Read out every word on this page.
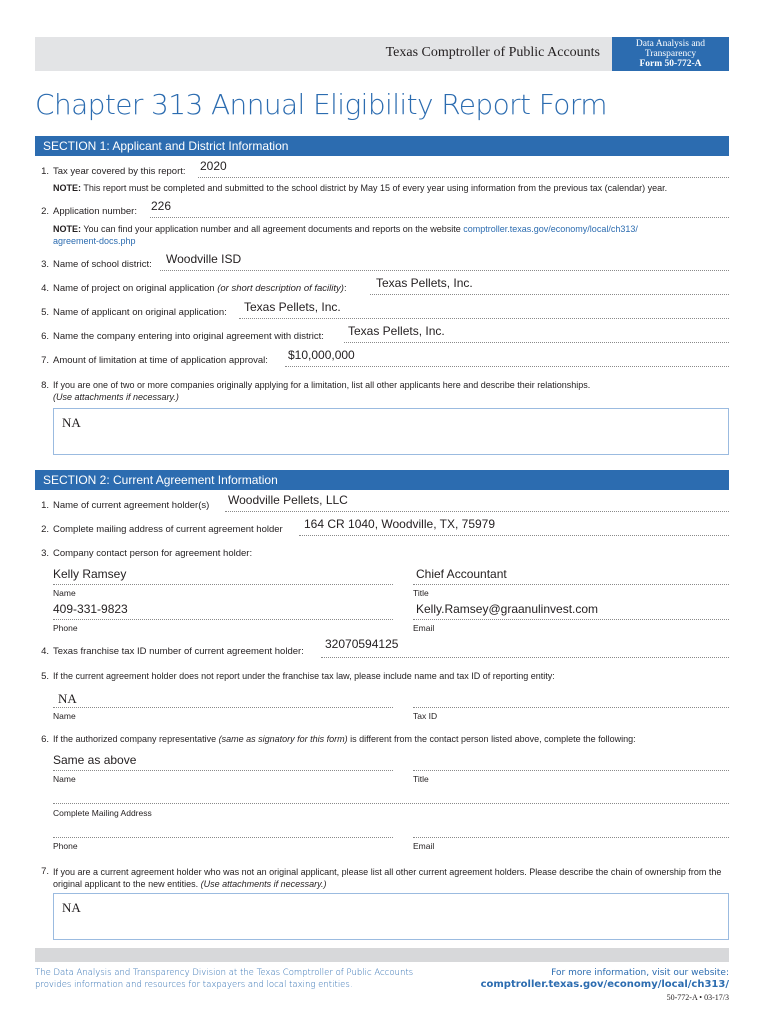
Texas Comptroller of Public Accounts
Data Analysis and
Transparency
Form 50-772-A
Chapter 313 Annual Eligibility Report Form
SECTION 1: Applicant and District Information
1. Tax year covered by this report: 2020
NOTE: This report must be completed and submitted to the school district by May 15 of every year using information from the previous tax (calendar) year.
2. Application number: 226
NOTE: You can find your application number and all agreement documents and reports on the website comptroller.texas.gov/economy/local/ch313/
agreement-docs.php
3. Name of school district: Woodville ISD
4. Name of project on original application (or short description of facility): Texas Pellets, Inc.
5. Name of applicant on original application: Texas Pellets, Inc.
6. Name the company entering into original agreement with district: Texas Pellets, Inc.
7. Amount of limitation at time of application approval: $10,000,000
8. If you are one of two or more companies originally applying for a limitation, list all other applicants here and describe their relationships.
(Use attachments if necessary.)
NA
SECTION 2: Current Agreement Information
1. Name of current agreement holder(s) Woodville Pellets, LLC
2. Complete mailing address of current agreement holder 164 CR 1040, Woodville, TX, 75979
3. Company contact person for agreement holder:
Kelly Ramsey
Name
Chief Accountant
Title
409-331-9823
Phone
Kelly.Ramsey@graanulinvest.com
Email
4. Texas franchise tax ID number of current agreement holder:
32070594125
5. If the current agreement holder does not report under the franchise tax law, please include name and tax ID of reporting entity:
NA
Name	Tax ID
6. If the authorized company representative (same as signatory for this form) is different from the contact person listed above, complete the following:
Same as above
Name	Title
Complete Mailing Address
Phone	Email
7. If you are a current agreement holder who was not an original applicant, please list all other current agreement holders. Please describe the chain of ownership from the original applicant to the new entities. (Use attachments if necessary.)
NA
The Data Analysis and Transparency Division at the Texas Comptroller of Public Accounts
provides information and resources for taxpayers and local taxing entities.
For more information, visit our website:
comptroller.texas.gov/economy/local/ch313/
50-772-A • 03-17/3
